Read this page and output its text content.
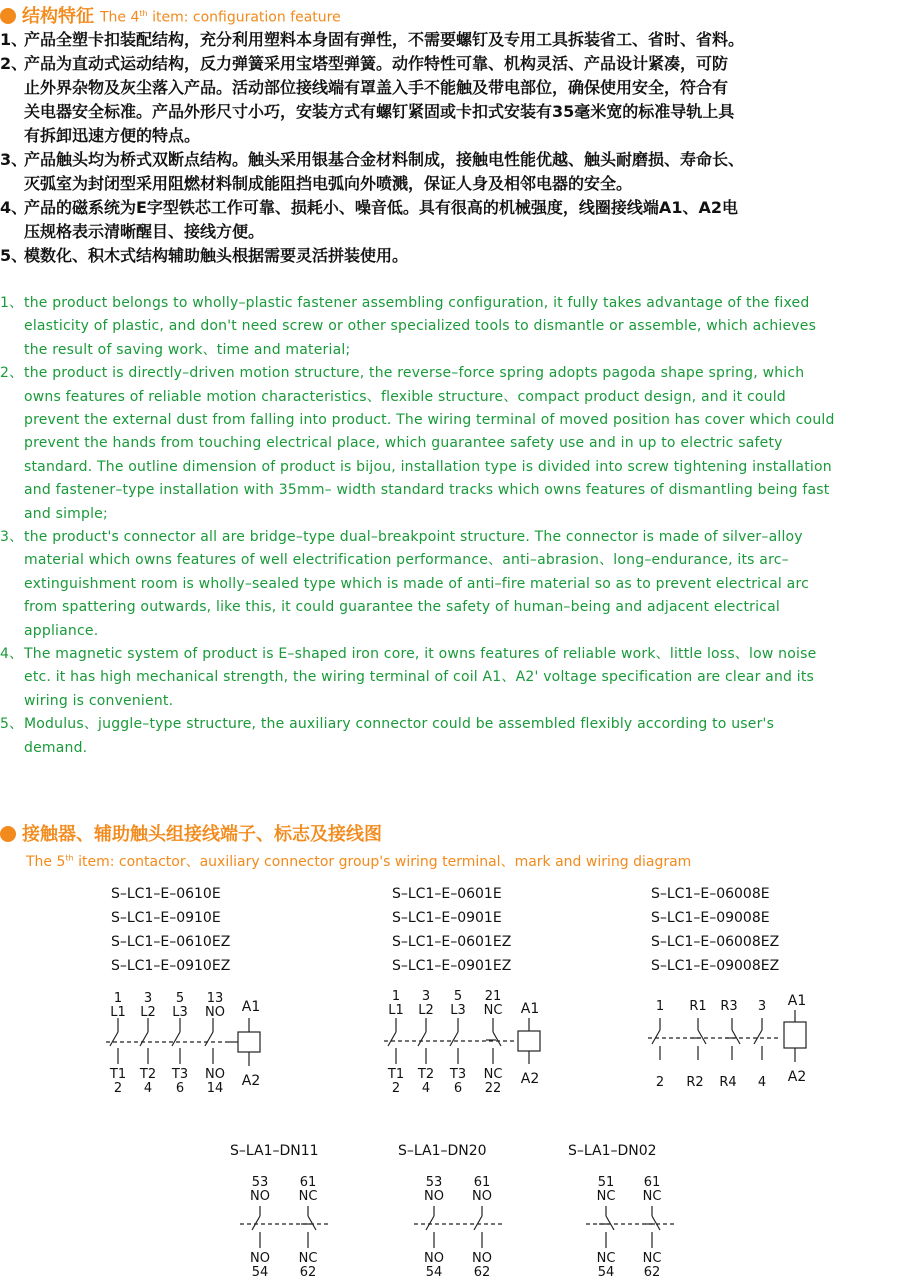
结构特征 The 4th item: configuration feature
1、
产品全塑卡扣装配结构，充分利用塑料本身固有弹性，不需要螺钉及专用工具拆装省工、省时、省料。
2、
产品为直动式运动结构，反力弹簧采用宝塔型弹簧。动作特性可靠、机构灵活、产品设计紧凑，可防
止外界杂物及灰尘落入产品。活动部位接线端有罩盖入手不能触及带电部位，确保使用安全，符合有
关电器安全标准。产品外形尺寸小巧，安装方式有螺钉紧固或卡扣式安装有35毫米宽的标准导轨上具
有拆卸迅速方便的特点。
3、
产品触头均为桥式双断点结构。触头采用银基合金材料制成，接触电性能优越、触头耐磨损、寿命长、
灭弧室为封闭型采用阻燃材料制成能阻挡电弧向外喷溅，保证人身及相邻电器的安全。
4、
产品的磁系统为E字型铁芯工作可靠、损耗小、噪音低。具有很高的机械强度，线圈接线端A1、A2电
压规格表示清晰醒目、接线方便。
5、
模数化、积木式结构辅助触头根据需要灵活拼装使用。
1、 the product belongs to wholly–plastic fastener assembling configuration, it fully takes advantage of the fixed
elasticity of plastic, and don't need screw or other specialized tools to dismantle or assemble, which achieves
the result of saving work、time and material;
2、 the product is directly–driven motion structure, the reverse–force spring adopts pagoda shape spring, which
owns features of reliable motion characteristics、flexible structure、compact product design, and it could
prevent the external dust from falling into product. The wiring terminal of moved position has cover which could
prevent the hands from touching electrical place, which guarantee safety use and in up to electric safety
standard. The outline dimension of product is bijou, installation type is divided into screw tightening installation
and fastener–type installation with 35mm– width standard tracks which owns features of dismantling being fast
and simple;
3、 the product's connector all are bridge–type dual–breakpoint structure. The connector is made of silver–alloy
material which owns features of well electrification performance、anti–abrasion、long–endurance, its arc–
extinguishment room is wholly–sealed type which is made of anti–fire material so as to prevent electrical arc
from spattering outwards, like this, it could guarantee the safety of human–being and adjacent electrical
appliance.
4、 The magnetic system of product is E–shaped iron core, it owns features of reliable work、little loss、low noise
etc. it has high mechanical strength, the wiring terminal of coil A1、A2' voltage specification are clear and its
wiring is convenient.
5、 Modulus、juggle–type structure, the auxiliary connector could be assembled flexibly according to user's
demand.
接触器、辅助触头组接线端子、标志及接线图
The 5th item: contactor、auxiliary connector group's wiring terminal、mark and wiring diagram
S–LC1–E–0610E
S–LC1–E–0910E
S–LC1–E–0610EZ
S–LC1–E–0910EZ
S–LC1–E–0601E
S–LC1–E–0901E
S–LC1–E–0601EZ
S–LC1–E–0901EZ
S–LC1–E–06008E
S–LC1–E–09008E
S–LC1–E–06008EZ
S–LC1–E–09008EZ
1
L1
3
L2
5
L3
13
NO A1
T1
2
T2
4
T3
6
NO
14 A2
1
L1
3
L2
5
L3
21
NC A1
T1
2
T2
4
T3
6
NC
22
A2
1 R1 R3 3 A1
2 R2 R4 4 A2
S–LA1–DN11
53
NO
61
NC
NO
54
NC
62
S–LA1–DN20
53
NO
61
NO
NO
54
NO
62
S–LA1–DN02
51
NC
61
NC
NC
54
NC
62
